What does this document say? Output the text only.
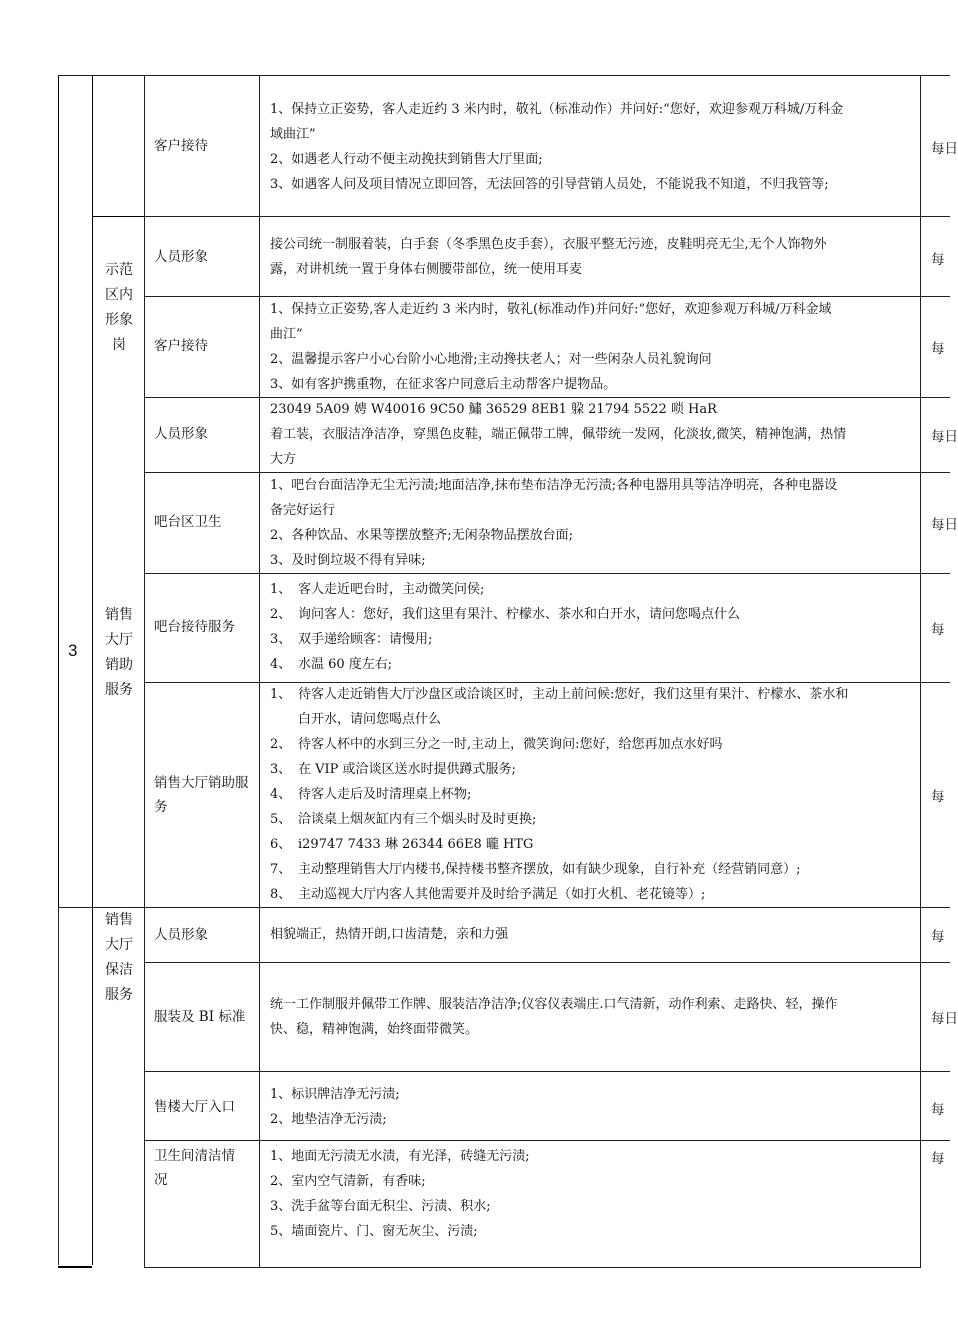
3
示范区内形象岗
销售大厅销助服务
销售大厅保洁服务
客户接待
1、保持立正姿势，客人走近约 3 米内时，敬礼（标准动作）并问好:“您好，欢迎参观万科城/万科金
域曲江”
2、如遇老人行动不便主动挽扶到销售大厅里面;
3、如遇客人问及项目情况立即回答，无法回答的引导营销人员处，不能说我不知道，不归我管等;
每日
人员形象
接公司统一制服着装，白手套（冬季黑色皮手套），衣服平整无污迹，皮鞋明亮无尘,无个人饰物外
露，对讲机统一置于身体右侧腰带部位，统一使用耳麦
每
客户接待
1、保持立正姿势,客人走近约 3 米内时，敬礼(标准动作)并问好:“您好，欢迎参观万科城/万科金域
曲江”
2、温馨提示客户小心台阶小心地滑;主动搀扶老人；对一些闲杂人员礼貌询问
3、如有客护携重物，在征求客户同意后主动帮客户提物品。
每
人员形象
23049 5A09 娉 W40016 9C50 鱐 36529 8EB1 躱 21794 5522 唢 HaR
着工装，衣服洁净洁净，穿黑色皮鞋，端正佩带工牌，佩带统一发网，化淡妆,微笑，精神饱满，热情
大方
每日
吧台区卫生
1、吧台台面洁净无尘无污渍;地面洁净,抹布垫布洁净无污渍;各种电器用具等洁净明亮，各种电器设
备完好运行
2、各种饮品、水果等摆放整齐;无闲杂物品摆放台面;
3、及时倒垃圾不得有异味;
每日
吧台接待服务
1、 客人走近吧台时，主动微笑问侯;
2、 询问客人：您好，我们这里有果汁、柠檬水、茶水和白开水，请问您喝点什么
3、 双手递给顾客：请慢用;
4、 水温 60 度左右;
每
销售大厅销助服务
1、 待客人走近销售大厅沙盘区或洽谈区时，主动上前问候:您好，我们这里有果汁、柠檬水、茶水和
白开水，请问您喝点什么
2、 待客人杯中的水到三分之一时,主动上，微笑询问:您好，给您再加点水好吗
3、 在 VIP 或洽谈区送水时提供蹲式服务;
4、 待客人走后及时清理桌上杯物;
5、 洽谈桌上烟灰缸内有三个烟头时及时更换;
6、 i29747 7433 琳 26344 66E8 曨 HTG
7、 主动整理销售大厅内楼书,保持楼书整齐摆放，如有缺少现象，自行补充（经营销同意）;
8、 主动巡视大厅内客人其他需要并及时给予满足（如打火机、老花镜等）;
每
人员形象	相貌端正，热情开朗,口齿清楚，亲和力强	每
服装及 BI 标准
统一工作制服并佩带工作牌、服装洁净洁净;仪容仪表端庄.口气清新，动作利索、走路快、轻，操作
快、稳，精神饱满，始终面带微笑。
每日
售楼大厅入口
1、标识牌洁净无污渍;
2、地垫洁净无污渍;
每
卫生间清洁情况
1、地面无污渍无水渍，有光泽，砖缝无污渍;
2、室内空气清新，有香味;
3、洗手盆等台面无积尘、污渍、积水;
5、墙面瓷片、门、窗无灰尘、污渍;
每
